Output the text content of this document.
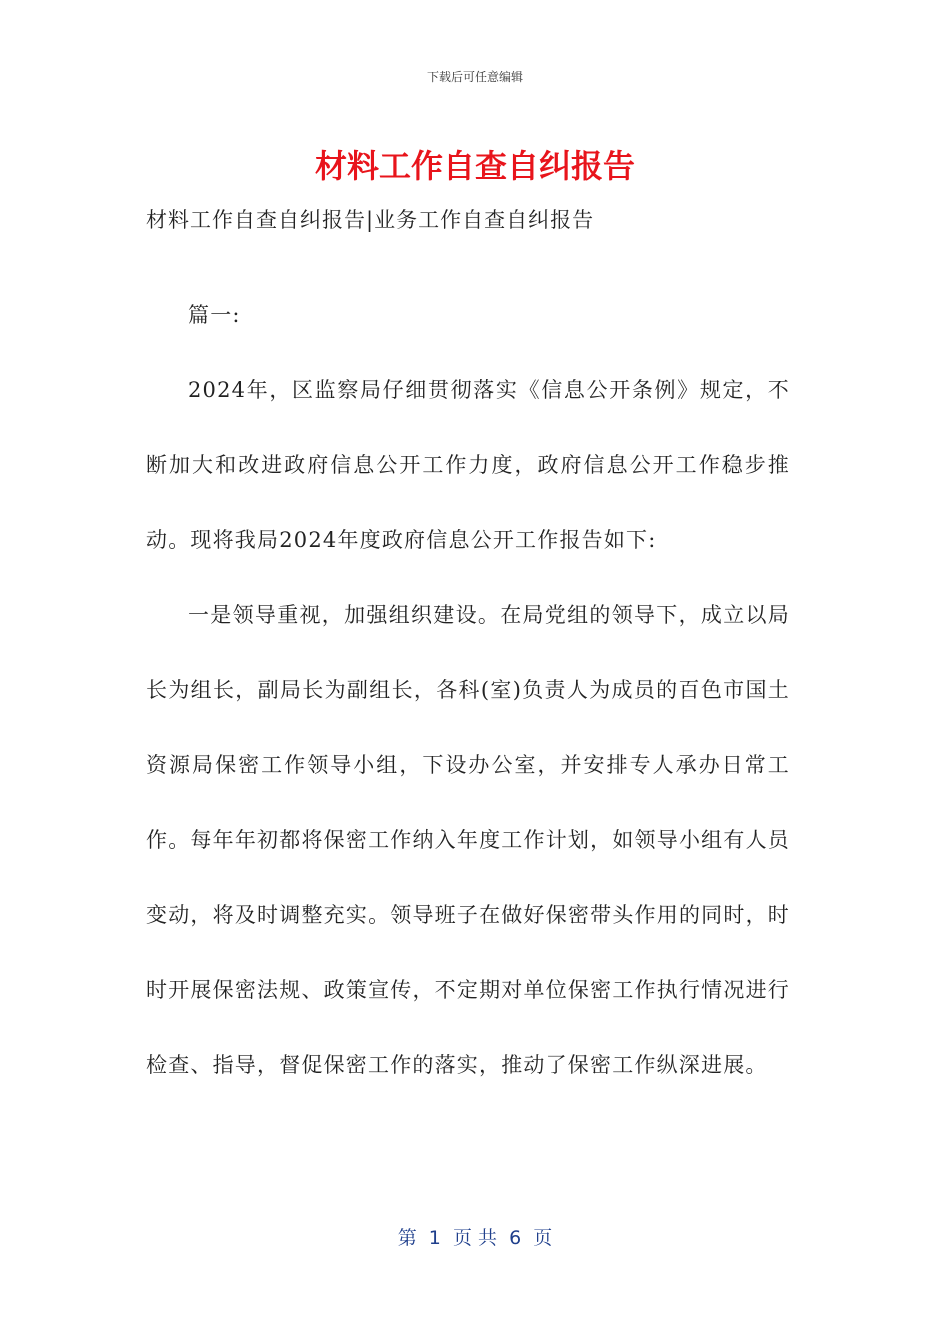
下载后可任意编辑
材料工作自查自纠报告
材料工作自查自纠报告|业务工作自查自纠报告

篇一:

2024年，区监察局仔细贯彻落实《信息公开条例》规定，不断加大和改进政府信息公开工作力度，政府信息公开工作稳步推动。现将我局2024年度政府信息公开工作报告如下:

一是领导重视，加强组织建设。在局党组的领导下，成立以局长为组长，副局长为副组长，各科(室)负责人为成员的百色市国土资源局保密工作领导小组，下设办公室，并安排专人承办日常工作。每年年初都将保密工作纳入年度工作计划，如领导小组有人员变动，将及时调整充实。领导班子在做好保密带头作用的同时，时时开展保密法规、政策宣传，不定期对单位保密工作执行情况进行检查、指导，督促保密工作的落实，推动了保密工作纵深进展。

第  1  页 共  6  页
